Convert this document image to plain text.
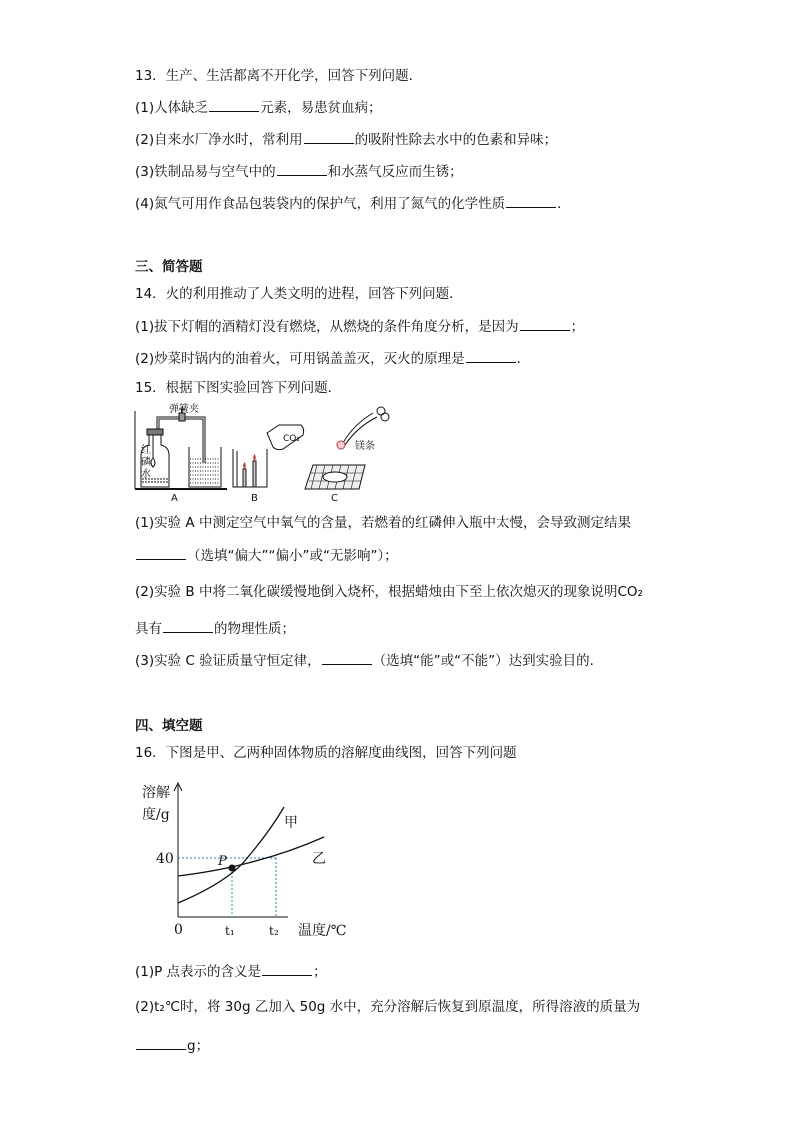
13．生产、生活都离不开化学，回答下列问题．
(1)人体缺乏	元素，易患贫血病；
(2)自来水厂净水时，常利用	的吸附性除去水中的色素和异味；
(3)铁制品易与空气中的	和水蒸气反应而生锈；
(4)氮气可用作食品包装袋内的保护气，利用了氮气的化学性质	．
三、简答题
14．火的利用推动了人类文明的进程，回答下列问题．
(1)拔下灯帽的酒精灯没有燃烧，从燃烧的条件角度分析，是因为	；
(2)炒菜时锅内的油着火，可用锅盖盖灭，灭火的原理是	．
15．根据下图实验回答下列问题．
弹簧夹
红
磷
水
A
CO₂
B
镁条
C
(1)实验 A 中测定空气中氧气的含量，若燃着的红磷伸入瓶中太慢，会导致测定结果
（选填“偏大”“偏小”或“无影响”）；
(2)实验 B 中将二氧化碳缓慢地倒入烧杯，根据蜡烛由下至上依次熄灭的现象说明CO₂
具有	的物理性质；
(3)实验 C 验证质量守恒定律，	（选填“能”或“不能”）达到实验目的．
四、填空题
16．下图是甲、乙两种固体物质的溶解度曲线图，回答下列问题
溶解
度/g
P
甲
乙
40
0	t₁	t₂ 温度/℃
(1)P 点表示的含义是	；
(2)t₂℃时，将 30g 乙加入 50g 水中，充分溶解后恢复到原温度，所得溶液的质量为
g；
